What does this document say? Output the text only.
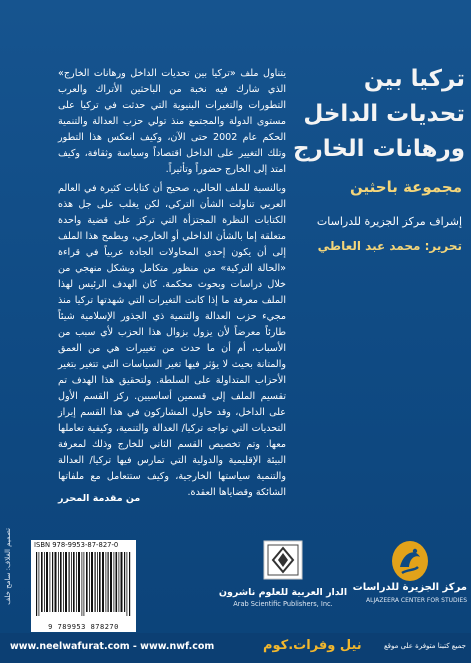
تركيا بين
تحديات الداخل
ورهانات الخارج
مجموعة باحثين
إشراف مركز الجزيرة للدراسات
تحرير: محمد عبد العاطي

يتناول ملف «تركيا بين تحديات الداخل ورهانات الخارج» الذي شارك فيه نخبة من الباحثين الأتراك والعرب التطورات والتغيرات البنيوية التي حدثت في تركيا على مستوى الدولة والمجتمع منذ تولي حزب العدالة والتنمية الحكم عام 2002 حتى الآن، وكيف انعكس هذا التطور وتلك التغيير على الداخل اقتصاداً وسياسة وثقافة، وكيف امتد إلى الخارج حضوراً وتأثيراً.

وبالنسبة للملف الحالي، صحيح أن كتابات كثيرة في العالم العربي تناولت الشأن التركي، لكن يغلب على جل هذه الكتابات النظرة المجتزأة التي تركز على قضية واحدة متعلقة إما بالشأن الداخلي أو الخارجي، ويطمح هذا الملف إلى أن يكون إحدى المحاولات الجادة عربياً في قراءة «الحالة التركية» من منظور متكامل وبشكل منهجي من خلال دراسات وبحوث محكمة. كان الهدف الرئيس لهذا الملف معرفة ما إذا كانت التغيرات التي شهدتها تركيا منذ مجيء حزب العدالة والتنمية ذي الجذور الإسلامية شيئاً طارئاً معرضاً لأن يزول بزوال هذا الحزب لأي سبب من الأسباب، أم أن ما حدث من تغييرات هي من العمق والمتانة بحيث لا يؤثر فيها تغير السياسات التي تتغير بتغير الأحزاب المتداولة على السلطة. ولتحقيق هذا الهدف تم تقسيم الملف إلى قسمين أساسيين. ركز القسم الأول على الداخل، وقد حاول المشاركون في هذا القسم إبراز التحديات التي تواجه تركيا/ العدالة والتنمية، وكيفية تعاملها معها. وتم تخصيص القسم الثاني للخارج وذلك لمعرفة البيئة الإقليمية والدولية التي تمارس فيها تركيا/ العدالة والتنمية سياستها الخارجية، وكيف ستتعامل مع ملفاتها الشائكة وقضاياها العقدة.

من مقدمة المحرر
تصميم الغلاف: سامح خلف	ISBN 978-9953-87-827-0
9 789953 878270
الدار العربية للعلوم ناشرون
Arab Scientific Publishers, Inc.
مركز الجزيرة للدراسات
ALJAZEERA CENTER FOR STUDIES
www.neelwafurat.com - www.nwf.com	نيل وفرات.كوم	جميع كتبنا متوفرة على موقع
